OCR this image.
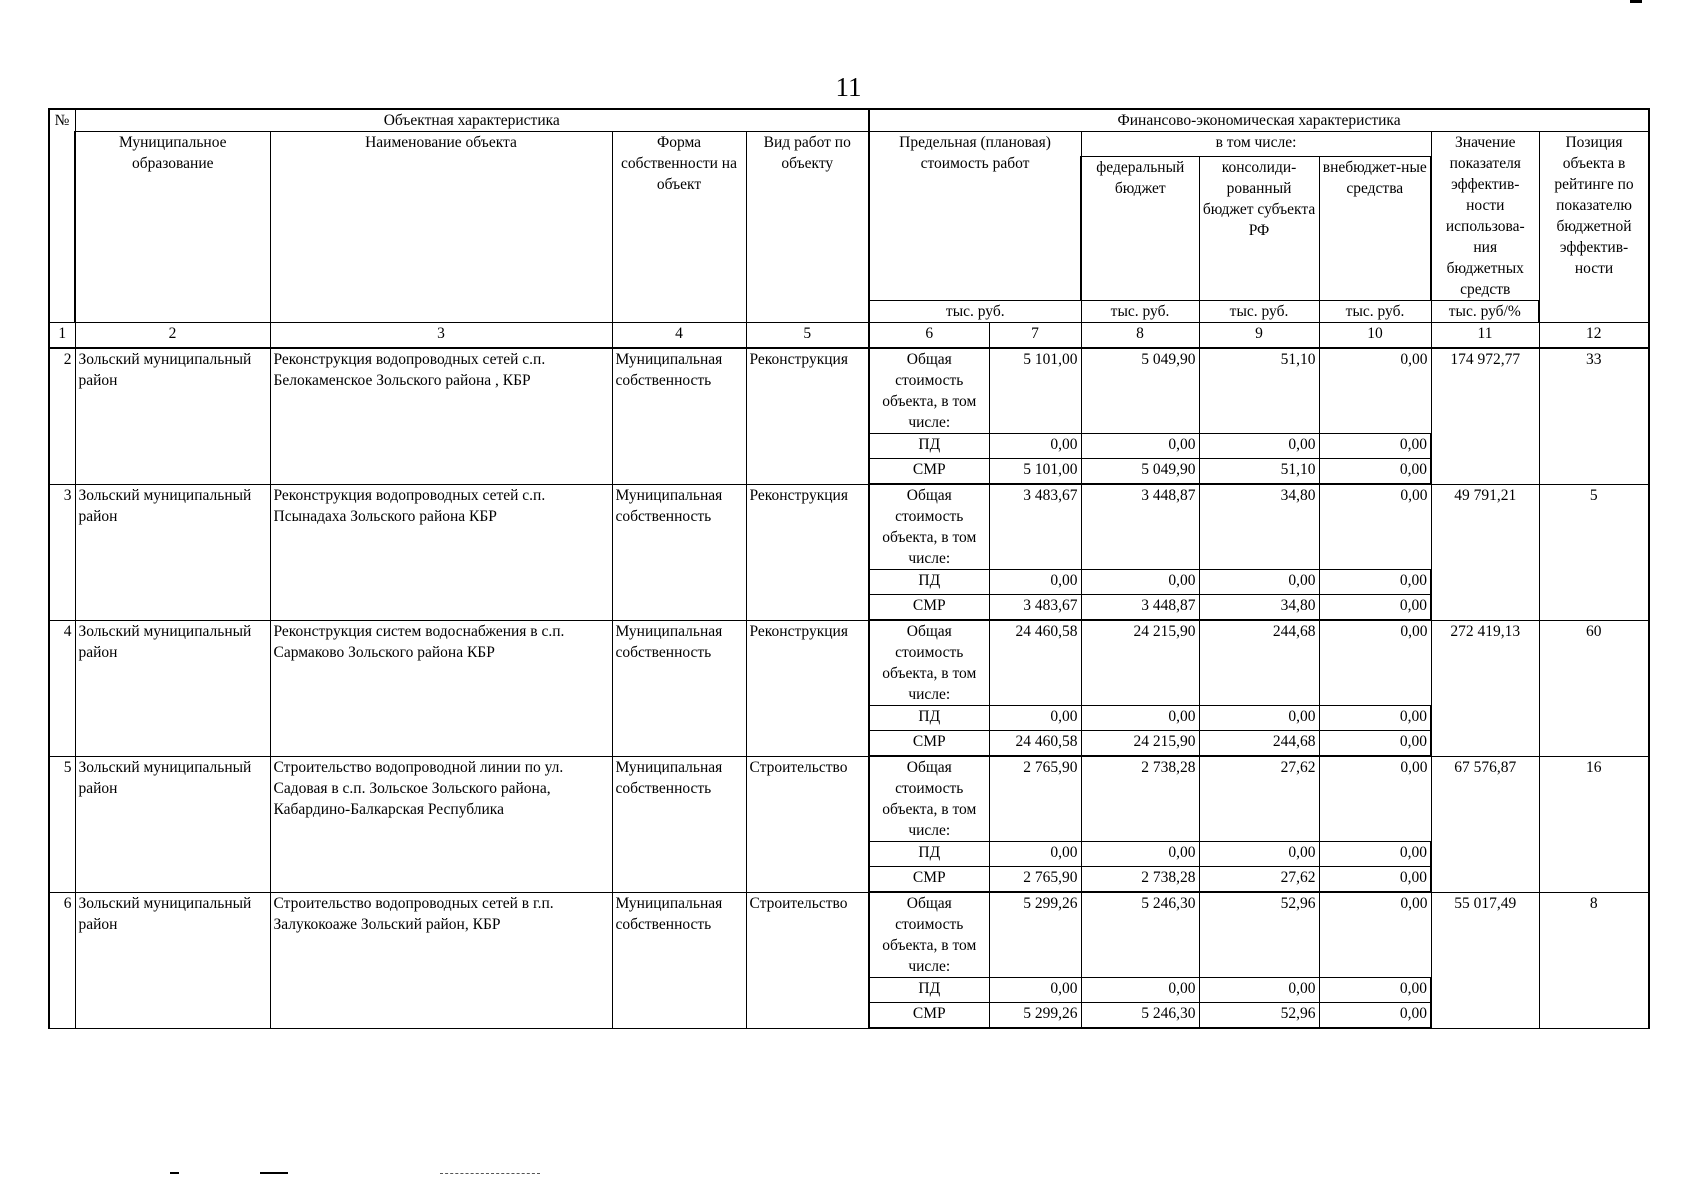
11
№	Объектная характеристика				Финансово-экономическая характеристика						
	Муниципальное образование	Наименование объекта	Форма собственности на объект	Вид работ по объекту	Предельная (плановая) стоимость работ		в том числе:			Значение показателя эффектив-ности использова-ния бюджетных средств	Позиция объекта в рейтинге по показателю бюджетной эффектив-ности
							федеральный бюджет	консолиди-рованный бюджет субъекта РФ	внебюджет-ные средства		
					тыс. руб.		тыс. руб.	тыс. руб.	тыс. руб.	тыс. руб/%	
1	2	3	4	5	6	7	8	9	10	11	12
2	Зольский муниципальный район	Реконструкция водопроводных сетей с.п. Белокаменское Зольского района , КБР	Муниципальная собственность	Реконструкция	Общая стоимость объекта, в том числе:	5 101,00	5 049,90	51,10	0,00	174 972,77	33
					ПД	0,00	0,00	0,00	0,00		
					СМР	5 101,00	5 049,90	51,10	0,00		
3	Зольский муниципальный район	Реконструкция водопроводных сетей с.п. Псынадаха Зольского района КБР	Муниципальная собственность	Реконструкция	Общая стоимость объекта, в том числе:	3 483,67	3 448,87	34,80	0,00	49 791,21	5
					ПД	0,00	0,00	0,00	0,00		
					СМР	3 483,67	3 448,87	34,80	0,00		
4	Зольский муниципальный район	Реконструкция систем водоснабжения в с.п. Сармаково Зольского района КБР	Муниципальная собственность	Реконструкция	Общая стоимость объекта, в том числе:	24 460,58	24 215,90	244,68	0,00	272 419,13	60
					ПД	0,00	0,00	0,00	0,00		
					СМР	24 460,58	24 215,90	244,68	0,00		
5	Зольский муниципальный район	Строительство водопроводной линии по ул. Садовая в с.п. Зольское Зольского района, Кабардино-Балкарская Республика	Муниципальная собственность	Строительство	Общая стоимость объекта, в том числе:	2 765,90	2 738,28	27,62	0,00	67 576,87	16
					ПД	0,00	0,00	0,00	0,00		
					СМР	2 765,90	2 738,28	27,62	0,00		
6	Зольский муниципальный район	Строительство водопроводных сетей в г.п. Залукокоаже Зольский район, КБР	Муниципальная собственность	Строительство	Общая стоимость объекта, в том числе:	5 299,26	5 246,30	52,96	0,00	55 017,49	8
					ПД	0,00	0,00	0,00	0,00		
					СМР	5 299,26	5 246,30	52,96	0,00		
